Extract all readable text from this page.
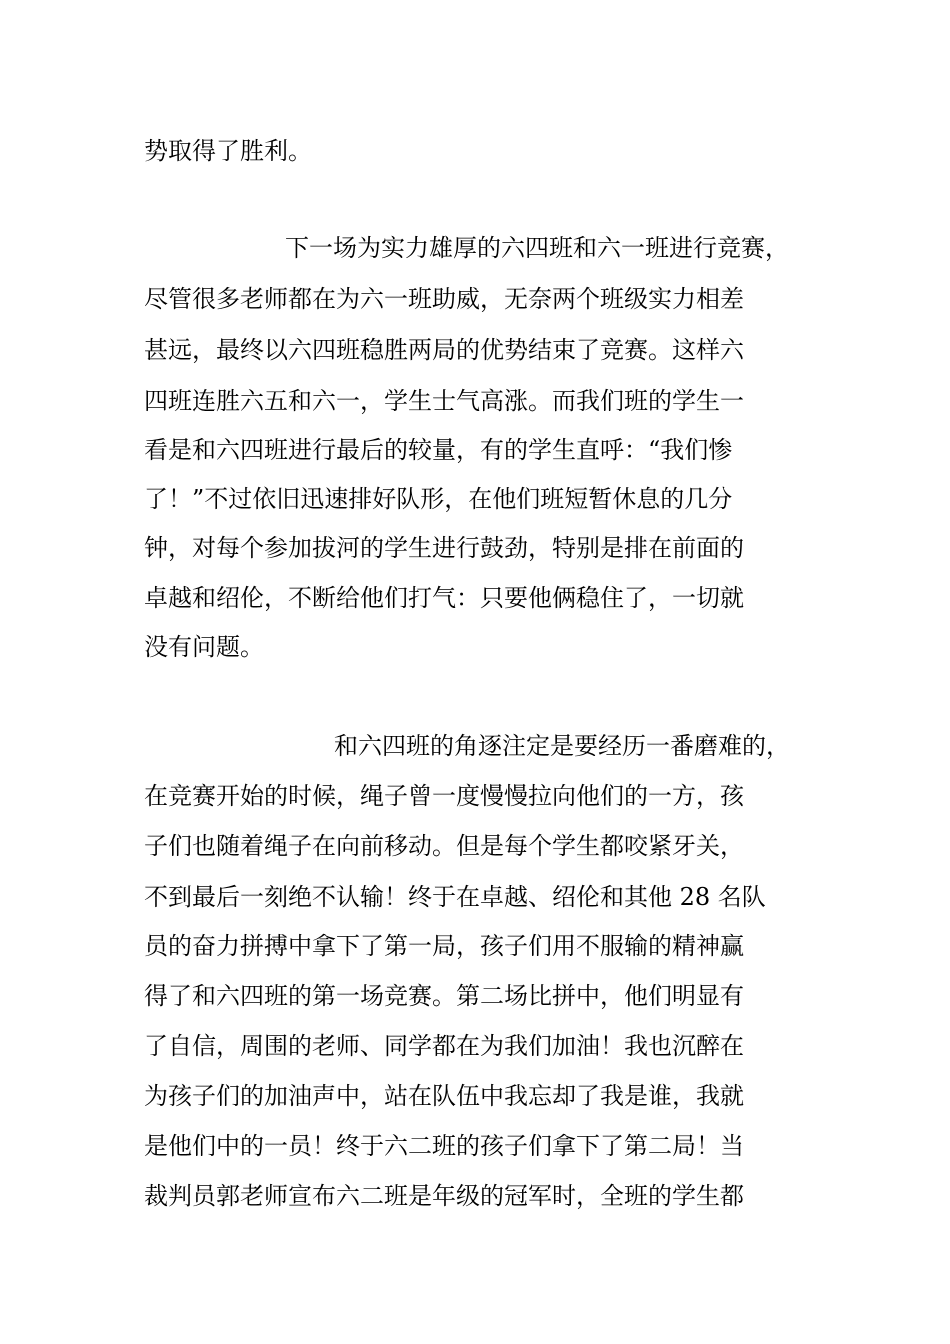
势取得了胜利。
下一场为实力雄厚的六四班和六一班进行竞赛，
尽管很多老师都在为六一班助威，无奈两个班级实力相差
甚远，最终以六四班稳胜两局的优势结束了竞赛。这样六
四班连胜六五和六一，学生士气高涨。而我们班的学生一
看是和六四班进行最后的较量，有的学生直呼：“我们惨
了！”不过依旧迅速排好队形，在他们班短暂休息的几分
钟，对每个参加拔河的学生进行鼓劲，特别是排在前面的
卓越和绍伦，不断给他们打气：只要他俩稳住了，一切就
没有问题。
和六四班的角逐注定是要经历一番磨难的，
在竞赛开始的时候，绳子曾一度慢慢拉向他们的一方，孩
子们也随着绳子在向前移动。但是每个学生都咬紧牙关，
不到最后一刻绝不认输！终于在卓越、绍伦和其他 28 名队
员的奋力拼搏中拿下了第一局，孩子们用不服输的精神赢
得了和六四班的第一场竞赛。第二场比拼中，他们明显有
了自信，周围的老师、同学都在为我们加油！我也沉醉在
为孩子们的加油声中，站在队伍中我忘却了我是谁，我就
是他们中的一员！终于六二班的孩子们拿下了第二局！当
裁判员郭老师宣布六二班是年级的冠军时，全班的学生都
